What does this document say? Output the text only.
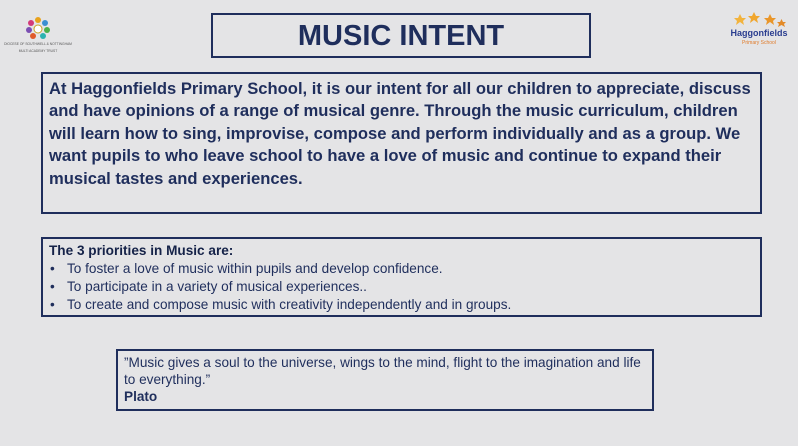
DIOCESE OF SOUTHWELL & NOTTINGHAM
MULTI ACADEMY TRUST
Haggonfields
Primary School
MUSIC INTENT
At Haggonfields Primary School, it is our intent for all our children to appreciate, discuss and have opinions of a range of musical genre. Through the music curriculum, children will learn how to sing, improvise, compose and perform individually and as a group. We want pupils to who leave school to have a love of music and continue to expand their musical tastes and experiences.
The 3 priorities in Music are:
• To foster a love of music within pupils and develop confidence.
• To participate in a variety of musical experiences..
• To create and compose music with creativity independently and in groups.
”Music gives a soul to the universe, wings to the mind, flight to the imagination and life to everything.”
Plato
